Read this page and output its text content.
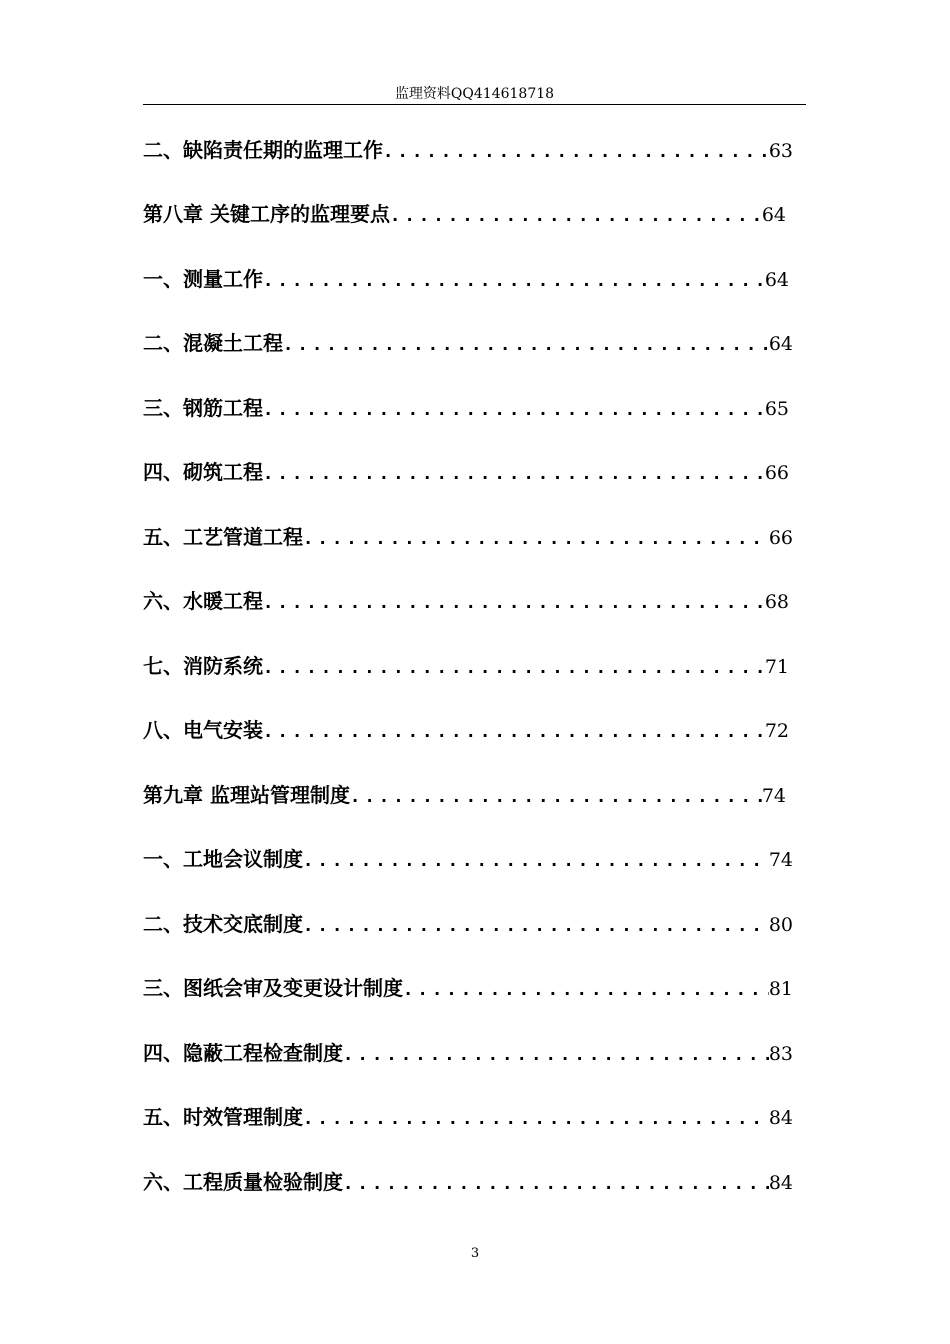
监理资料QQ414618718
二、缺陷责任期的监理工作 . . .	63
第八章 关键工序的监理要点 . . .	64
一、测量工作 . . .	64
二、混凝土工程 . . .	64
三、钢筋工程 . . .	65
四、砌筑工程 . . .	66
五、工艺管道工程 . . .	66
六、水暖工程 . . .	68
七、消防系统 . . .	71
八、电气安装 . . .	72
第九章 监理站管理制度 . . .	74
一、工地会议制度 . . .	74
二、技术交底制度 . . .	80
三、图纸会审及变更设计制度 . . .	81
四、隐蔽工程检查制度 . . .	83
五、时效管理制度 . . .	84
六、工程质量检验制度 . . .	84
3
